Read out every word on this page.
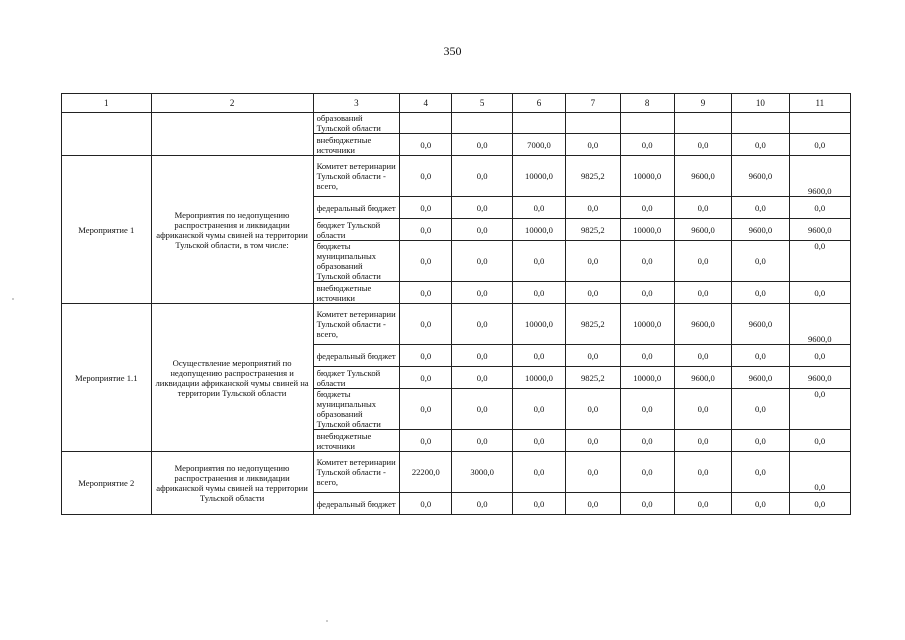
350
1	2	3	4	5	6	7	8	9	10	11
		образований Тульской области								
		внебюджетные источники	0,0	0,0	7000,0	0,0	0,0	0,0	0,0	0,0
Мероприятие 1	Мероприятия по недопущению распространения и ликвидации африканской чумы свиней на территории Тульской области, в том числе:	Комитет ветеринарии Тульской области - всего,	0,0	0,0	10000,0	9825,2	10000,0	9600,0	9600,0	9600,0
		федеральный бюджет	0,0	0,0	0,0	0,0	0,0	0,0	0,0	0,0
		бюджет Тульской области	0,0	0,0	10000,0	9825,2	10000,0	9600,0	9600,0	9600,0
		бюджеты муниципальных образований Тульской области	0,0	0,0	0,0	0,0	0,0	0,0	0,0	0,0
		внебюджетные источники	0,0	0,0	0,0	0,0	0,0	0,0	0,0	0,0
Мероприятие 1.1	Осуществление мероприятий по недопущению распространения и ликвидации африканской чумы свиней на территории Тульской области	Комитет ветеринарии Тульской области - всего,	0,0	0,0	10000,0	9825,2	10000,0	9600,0	9600,0	9600,0
		федеральный бюджет	0,0	0,0	0,0	0,0	0,0	0,0	0,0	0,0
		бюджет Тульской области	0,0	0,0	10000,0	9825,2	10000,0	9600,0	9600,0	9600,0
		бюджеты муниципальных образований Тульской области	0,0	0,0	0,0	0,0	0,0	0,0	0,0	0,0
		внебюджетные источники	0,0	0,0	0,0	0,0	0,0	0,0	0,0	0,0
Мероприятие 2	Мероприятия по недопущению распространения и ликвидации африканской чумы свиней на территории Тульской области	Комитет ветеринарии Тульской области - всего,	22200,0	3000,0	0,0	0,0	0,0	0,0	0,0	0,0
		федеральный бюджет	0,0	0,0	0,0	0,0	0,0	0,0	0,0	0,0
